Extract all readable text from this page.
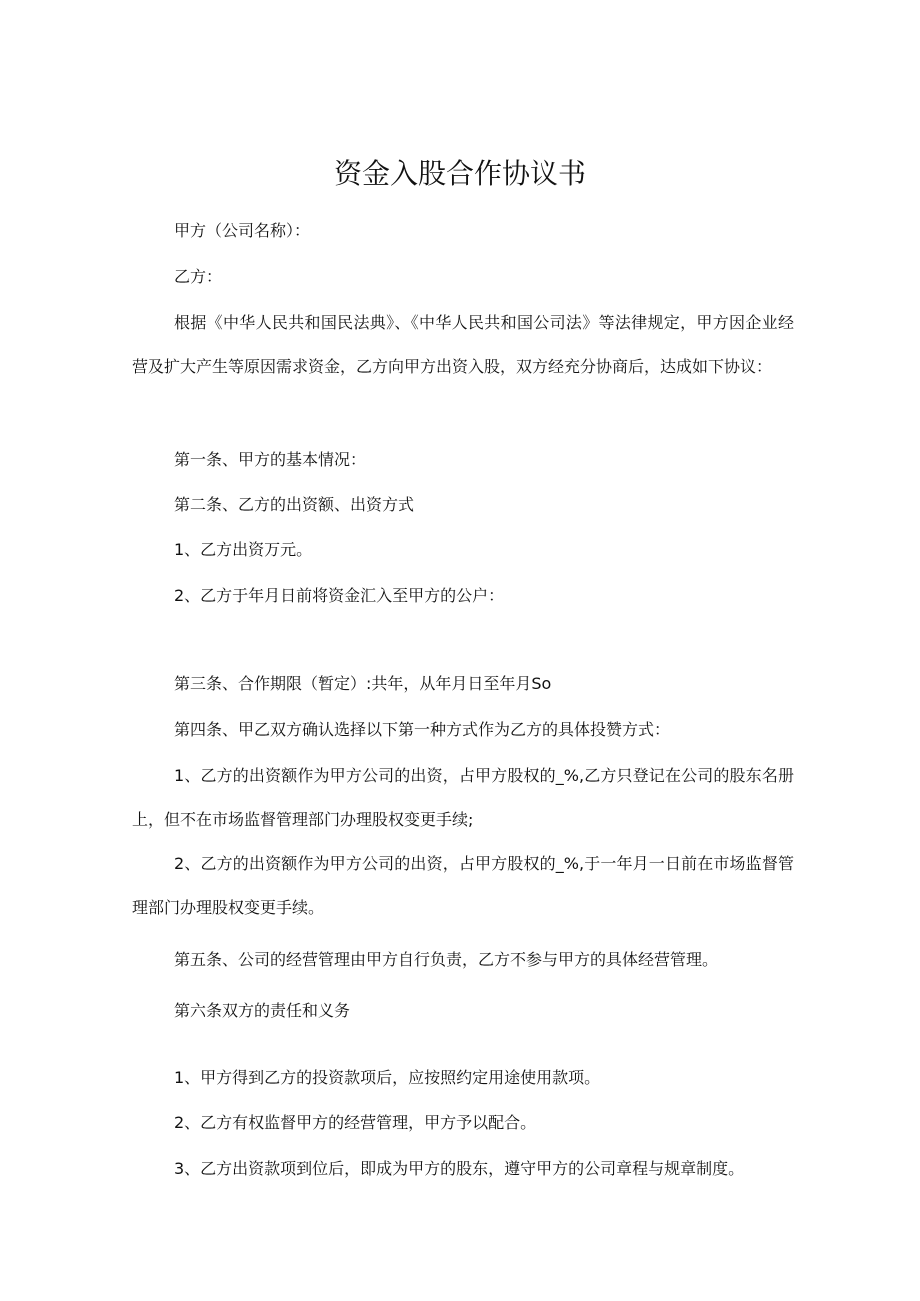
资金入股合作协议书
甲方（公司名称）：
乙方：
根据《中华人民共和国民法典》、《中华人民共和国公司法》等法律规定，甲方因企业经营及扩大产生等原因需求资金，乙方向甲方出资入股，双方经充分协商后，达成如下协议：
第一条、甲方的基本情况：
第二条、乙方的出资额、出资方式
1、乙方出资万元。
2、乙方于年月日前将资金汇入至甲方的公户：
第三条、合作期限（暂定）:共年，从年月日至年月So
第四条、甲乙双方确认选择以下第一种方式作为乙方的具体投赞方式：
1、乙方的出资额作为甲方公司的出资，占甲方股权的_%,乙方只登记在公司的股东名册上，但不在市场监督管理部门办理股权变更手续;
2、乙方的出资额作为甲方公司的出资，占甲方股权的_%,于一年月一日前在市场监督管理部门办理股权变更手续。
第五条、公司的经营管理由甲方自行负责，乙方不参与甲方的具体经营管理。
第六条双方的责任和义务
1、甲方得到乙方的投资款项后，应按照约定用途使用款项。
2、乙方有权监督甲方的经营管理，甲方予以配合。
3、乙方出资款项到位后，即成为甲方的股东，遵守甲方的公司章程与规章制度。
